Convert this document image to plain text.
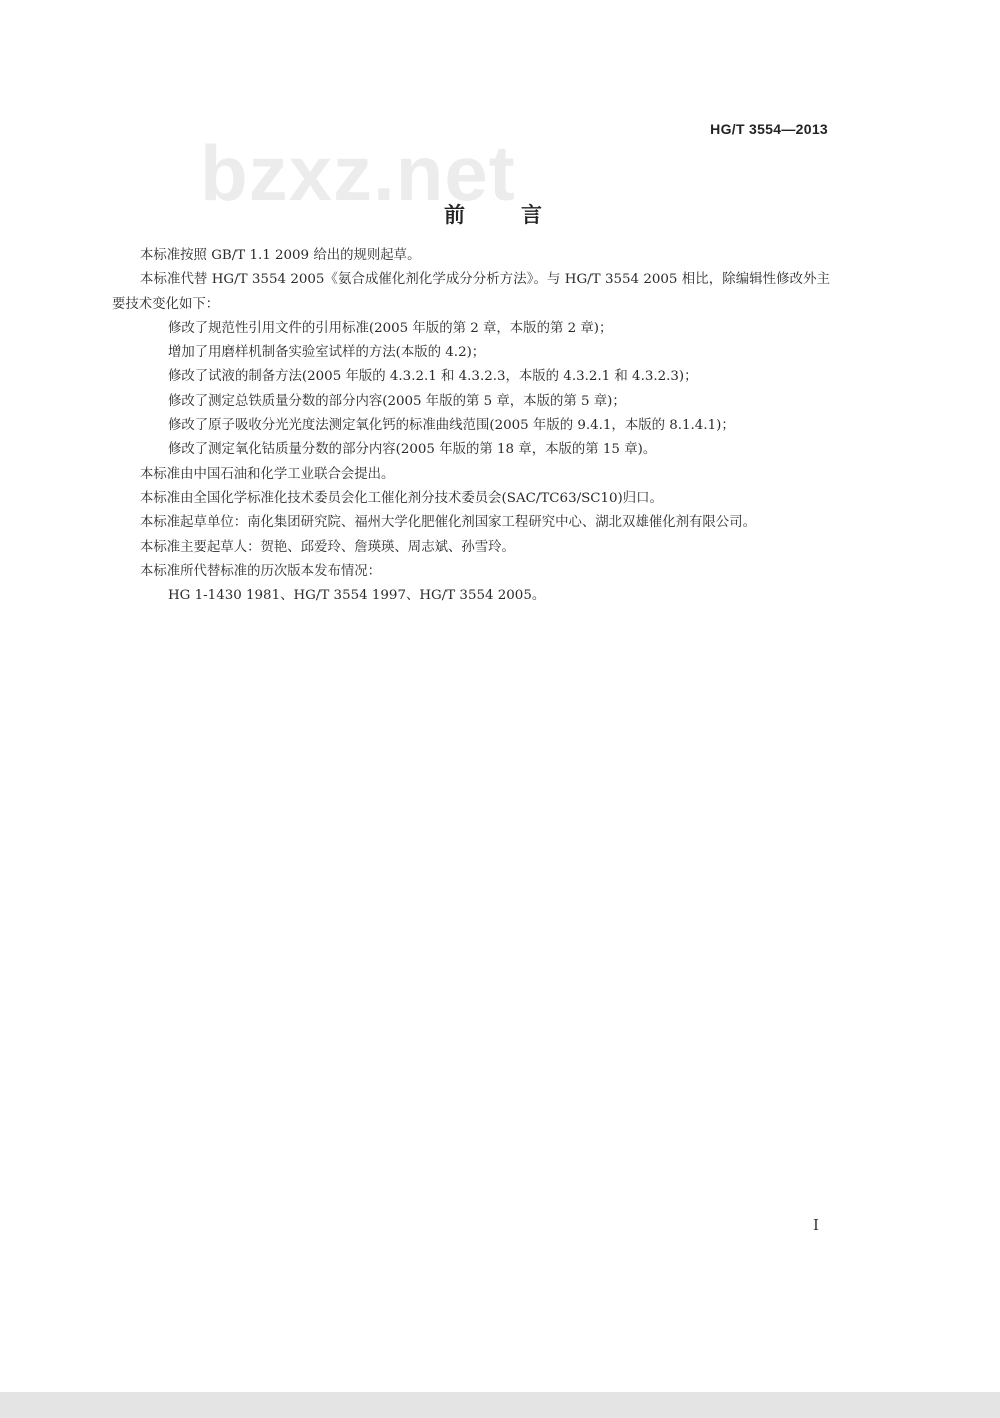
bzxz.net	HG/T 3554—2013
前言

本标准按照 GB/T 1.1 2009 给出的规则起草。

本标准代替 HG/T 3554 2005《氨合成催化剂化学成分分析方法》。与 HG/T 3554 2005 相比，除编辑性修改外主要技术变化如下：

修改了规范性引用文件的引用标准(2005 年版的第 2 章，本版的第 2 章)；

增加了用磨样机制备实验室试样的方法(本版的 4.2)；

修改了试液的制备方法(2005 年版的 4.3.2.1 和 4.3.2.3，本版的 4.3.2.1 和 4.3.2.3)；

修改了测定总铁质量分数的部分内容(2005 年版的第 5 章，本版的第 5 章)；

修改了原子吸收分光光度法测定氧化钙的标准曲线范围(2005 年版的 9.4.1，本版的 8.1.4.1)；

修改了测定氧化钴质量分数的部分内容(2005 年版的第 18 章，本版的第 15 章)。

本标准由中国石油和化学工业联合会提出。

本标准由全国化学标准化技术委员会化工催化剂分技术委员会(SAC/TC63/SC10)归口。

本标准起草单位：南化集团研究院、福州大学化肥催化剂国家工程研究中心、湖北双雄催化剂有限公司。

本标准主要起草人：贺艳、邱爱玲、詹瑛瑛、周志斌、孙雪玲。

本标准所代替标准的历次版本发布情况：

HG 1-1430 1981、HG/T 3554 1997、HG/T 3554 2005。

I
